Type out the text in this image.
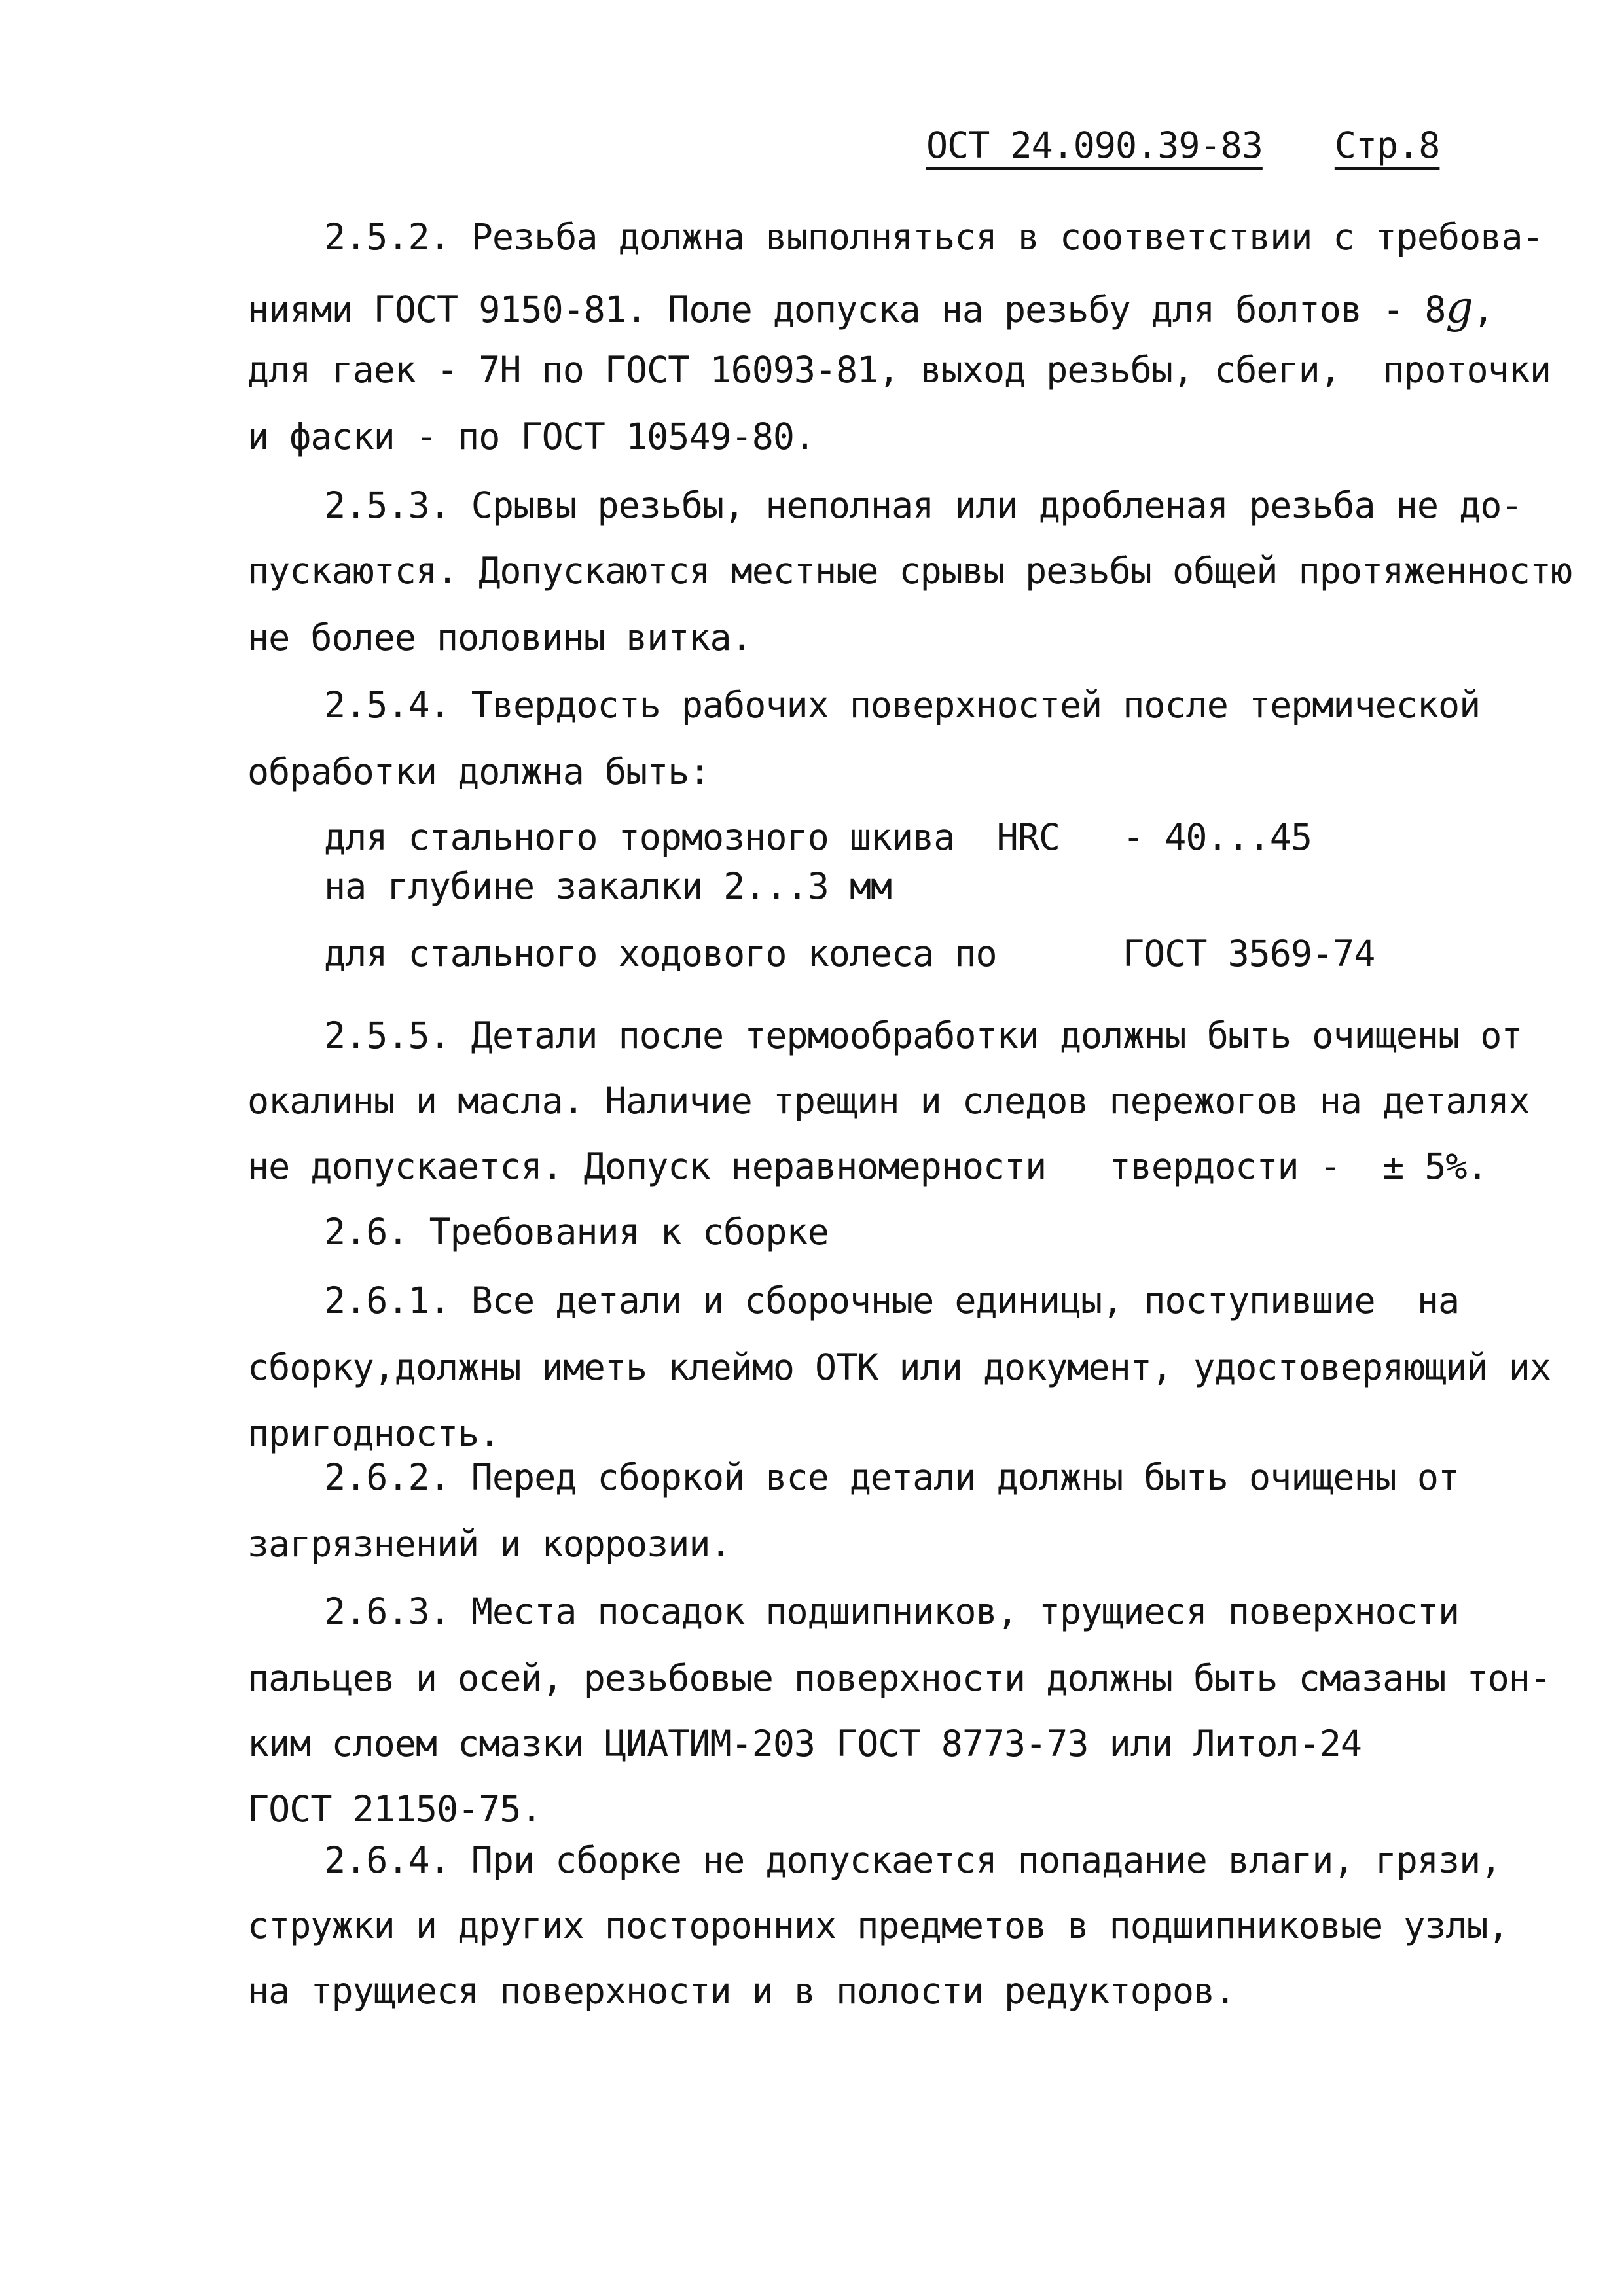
ОСТ 24.090.39-83 Стр.8
2.5.2. Резьба должна выполняться в соответствии с требова-
ниями ГОСТ 9150-81. Поле допуска на резьбу для болтов - 8g,
для гаек - 7Н по ГОСТ 16093-81, выход резьбы, сбеги,  проточки
и фаски - по ГОСТ 10549-80.
2.5.3. Срывы резьбы, неполная или дробленая резьба не до-
пускаются. Допускаются местные срывы резьбы общей протяженностю
не более половины витка.
2.5.4. Твердость рабочих поверхностей после термической
обработки должна быть:
для стального тормозного шкива  HRC - 40...45
на глубине закалки 2...3 мм
для стального ходового колеса по	ГОСТ 3569-74
2.5.5. Детали после термообработки должны быть очищены от
окалины и масла. Наличие трещин и следов пережогов на деталях
не допускается. Допуск неравномерности   твердости -  ± 5%.
2.6. Требования к сборке
2.6.1. Все детали и сборочные единицы, поступившие  на
сборку,должны иметь клеймо ОТК или документ, удостоверяющий их
пригодность.
2.6.2. Перед сборкой все детали должны быть очищены от
загрязнений и коррозии.
2.6.3. Места посадок подшипников, трущиеся поверхности
пальцев и осей, резьбовые поверхности должны быть смазаны тон-
ким слоем смазки ЦИАТИМ-203 ГОСТ 8773-73 или Литол-24
ГОСТ 21150-75.
2.6.4. При сборке не допускается попадание влаги, грязи,
стружки и других посторонних предметов в подшипниковые узлы,
на трущиеся поверхности и в полости редукторов.
